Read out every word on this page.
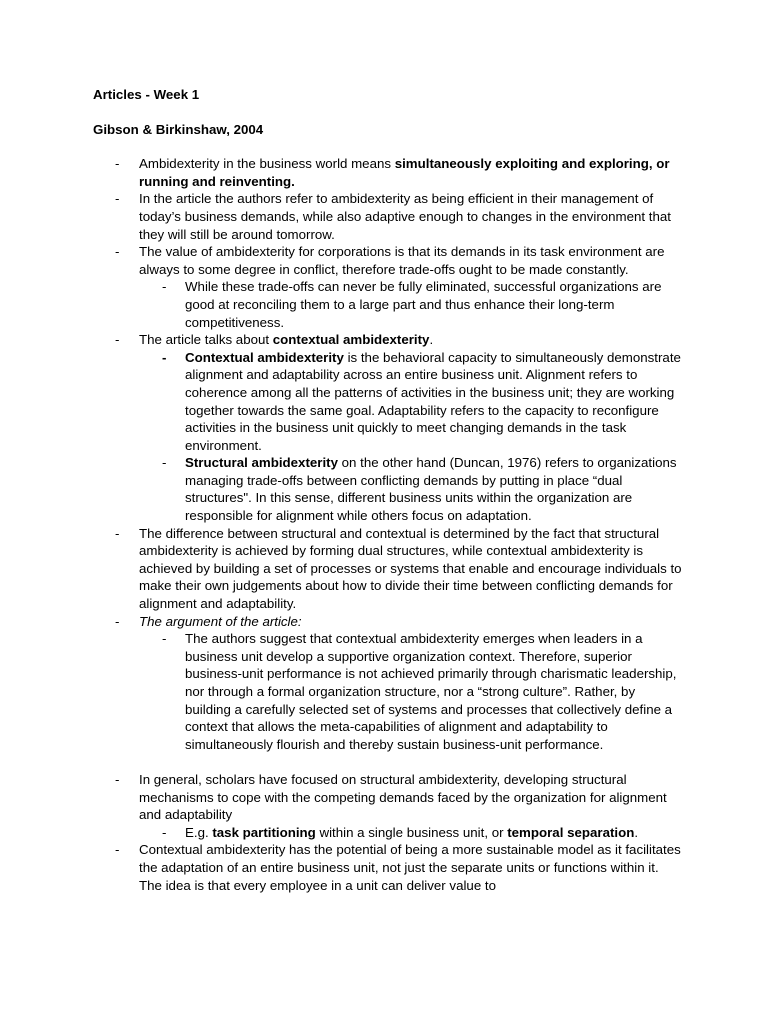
Articles - Week 1
Gibson & Birkinshaw, 2004
- Ambidexterity in the business world means simultaneously exploiting and exploring, or running and reinventing.
- In the article the authors refer to ambidexterity as being efficient in their management of today’s business demands, while also adaptive enough to changes in the environment that they will still be around tomorrow.
- The value of ambidexterity for corporations is that its demands in its task environment are always to some degree in conflict, therefore trade-offs ought to be made constantly.
- While these trade-offs can never be fully eliminated, successful organizations are good at reconciling them to a large part and thus enhance their long-term competitiveness.
- The article talks about contextual ambidexterity.
- Contextual ambidexterity is the behavioral capacity to simultaneously demonstrate alignment and adaptability across an entire business unit. Alignment refers to coherence among all the patterns of activities in the business unit; they are working together towards the same goal. Adaptability refers to the capacity to reconfigure activities in the business unit quickly to meet changing demands in the task environment.
- Structural ambidexterity on the other hand (Duncan, 1976) refers to organizations managing trade-offs between conflicting demands by putting in place “dual structures". In this sense, different business units within the organization are responsible for alignment while others focus on adaptation.
- The difference between structural and contextual is determined by the fact that structural ambidexterity is achieved by forming dual structures, while contextual ambidexterity is achieved by building a set of processes or systems that enable and encourage individuals to make their own judgements about how to divide their time between conflicting demands for alignment and adaptability.
- The argument of the article:
- The authors suggest that contextual ambidexterity emerges when leaders in a business unit develop a supportive organization context. Therefore, superior business-unit performance is not achieved primarily through charismatic leadership, nor through a formal organization structure, nor a “strong culture”. Rather, by building a carefully selected set of systems and processes that collectively define a context that allows the meta-capabilities of alignment and adaptability to simultaneously flourish and thereby sustain business-unit performance.
- In general, scholars have focused on structural ambidexterity, developing structural mechanisms to cope with the competing demands faced by the organization for alignment and adaptability
- E.g. task partitioning within a single business unit, or temporal separation.
- Contextual ambidexterity has the potential of being a more sustainable model as it facilitates the adaptation of an entire business unit, not just the separate units or functions within it. The idea is that every employee in a unit can deliver value to
